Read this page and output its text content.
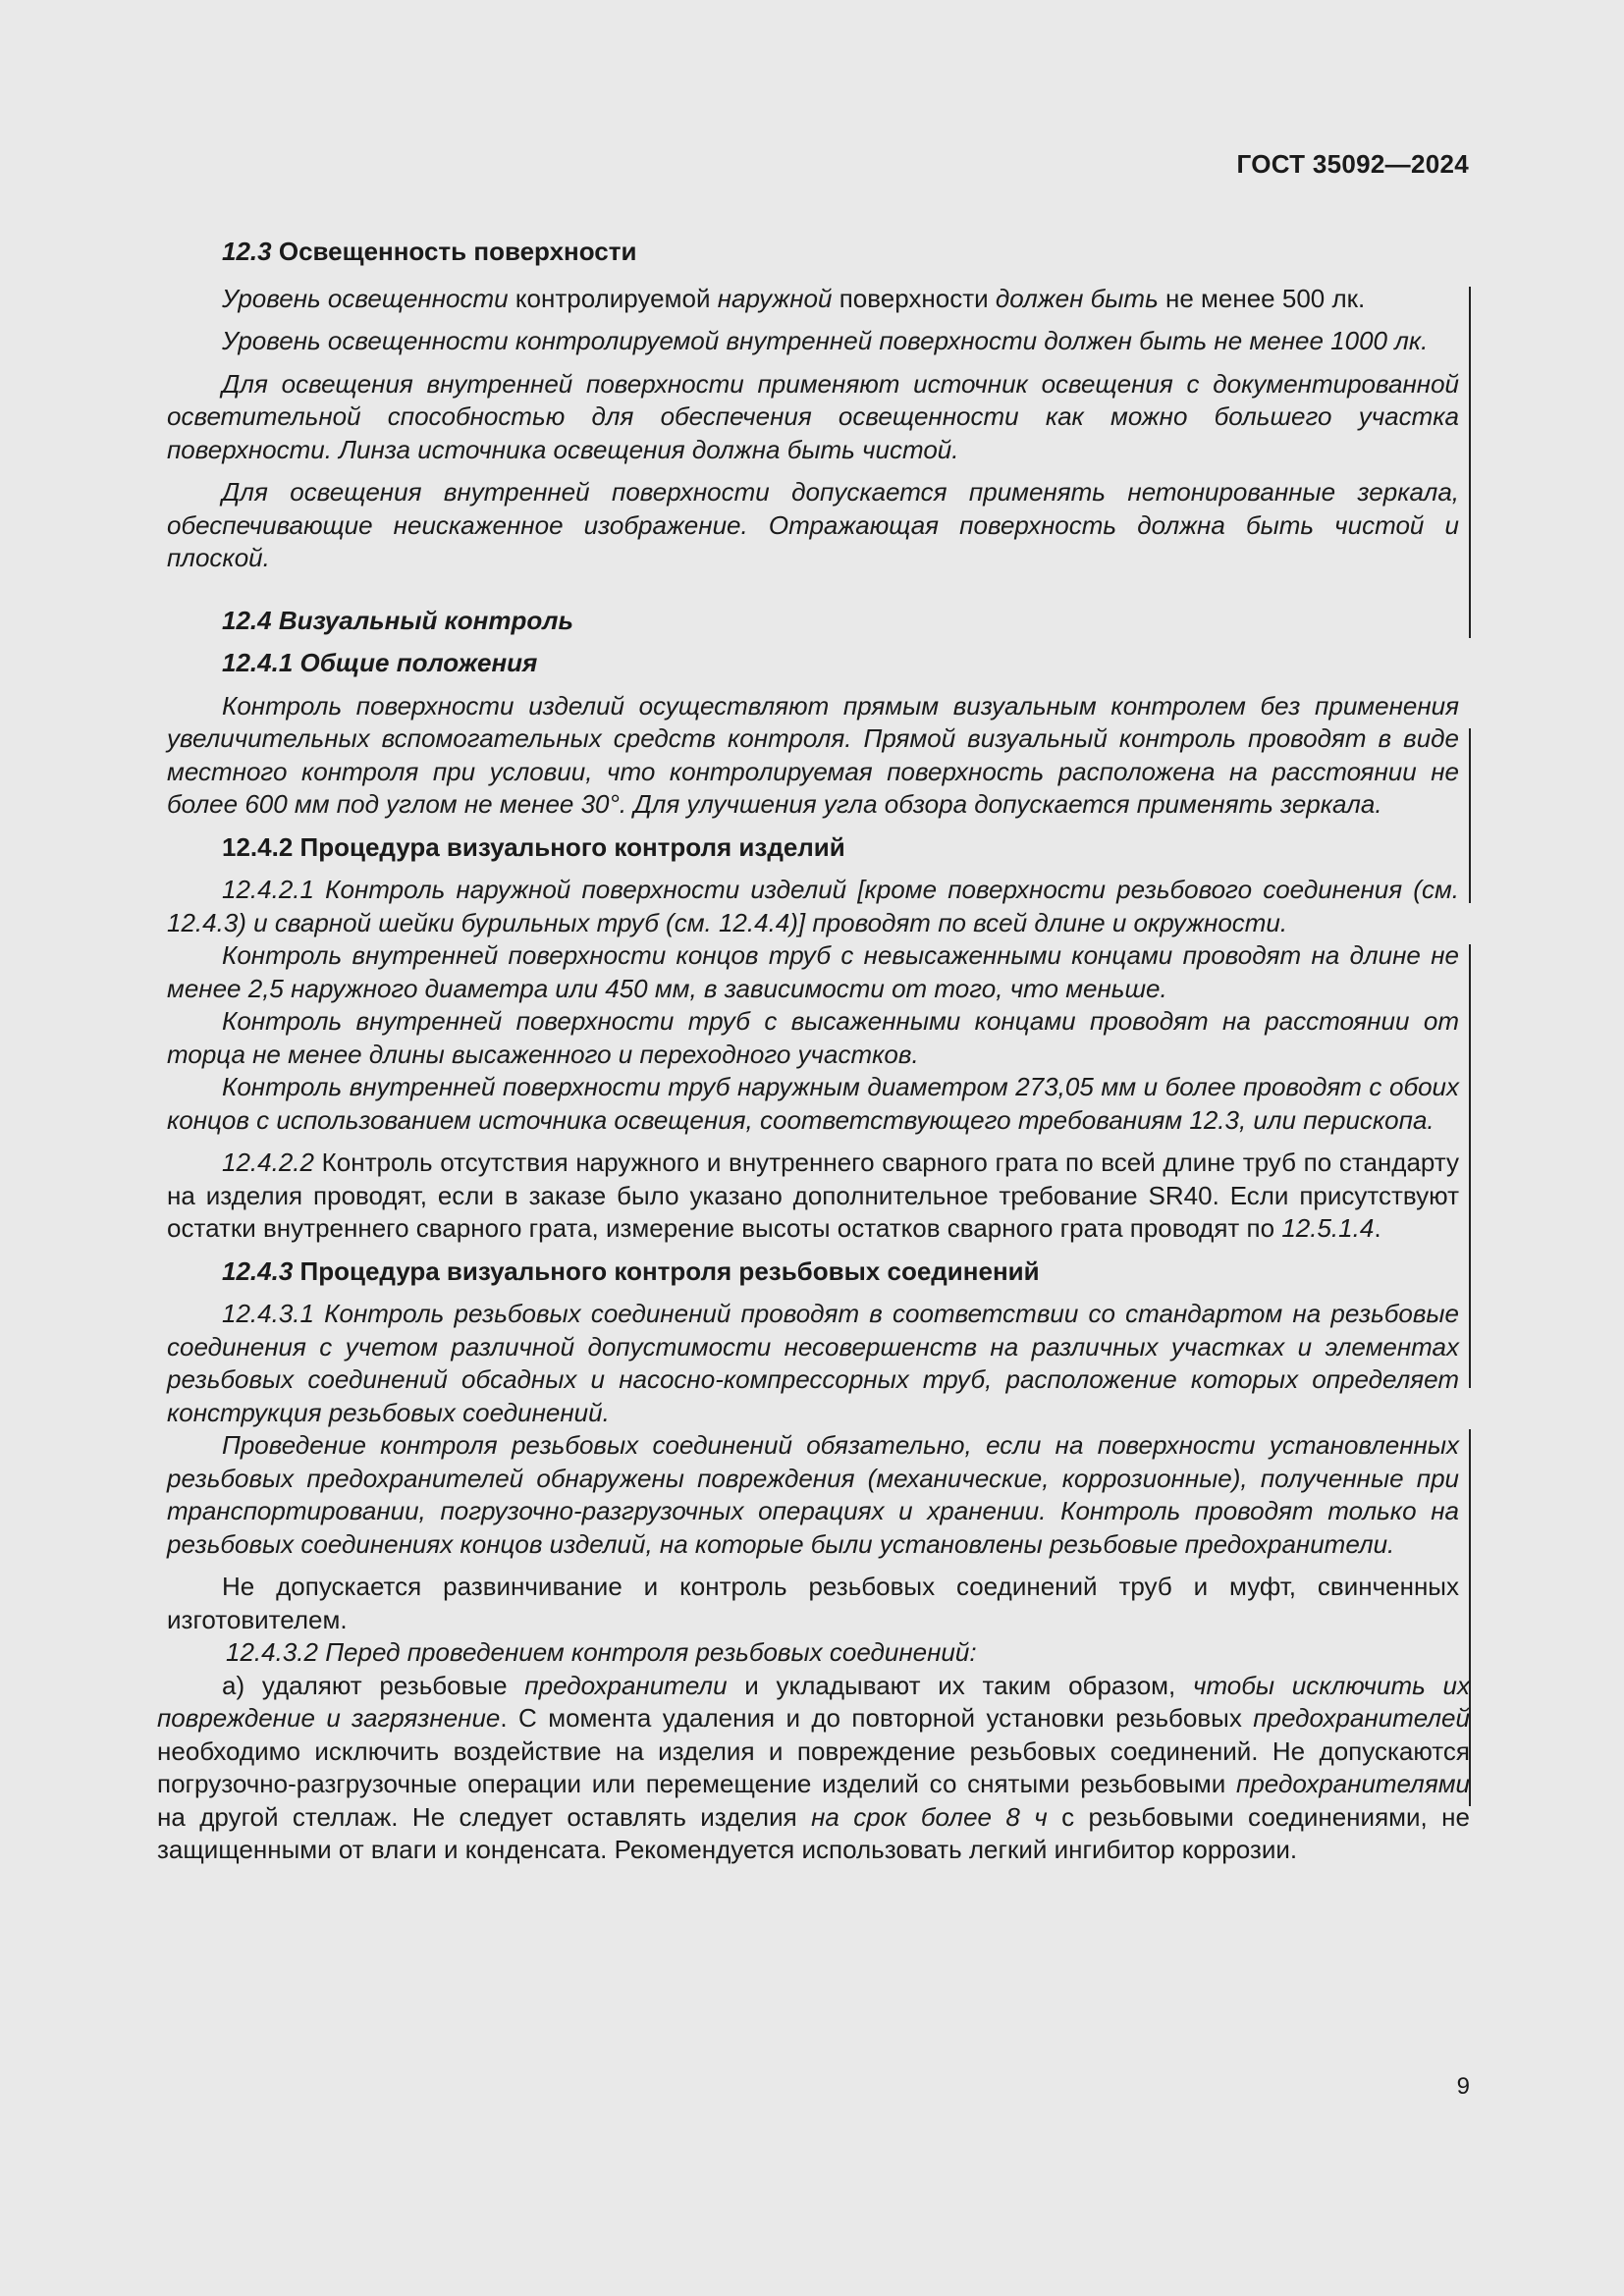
ГОСТ 35092—2024
12.3 Освещенность поверхности

Уровень освещенности контролируемой наружной поверхности должен быть не менее 500 лк.

Уровень освещенности контролируемой внутренней поверхности должен быть не менее 1000 лк.

Для освещения внутренней поверхности применяют источник освещения с документированной осветительной способностью для обеспечения освещенности как можно большего участка поверхности. Линза источника освещения должна быть чистой.

Для освещения внутренней поверхности допускается применять нетонированные зеркала, обеспечивающие неискаженное изображение. Отражающая поверхность должна быть чистой и плоской.

12.4 Визуальный контроль
12.4.1 Общие положения

Контроль поверхности изделий осуществляют прямым визуальным контролем без применения увеличительных вспомогательных средств контроля. Прямой визуальный контроль проводят в виде местного контроля при условии, что контролируемая поверхность расположена на расстоянии не более 600 мм под углом не менее 30°. Для улучшения угла обзора допускается применять зеркала.

12.4.2 Процедура визуального контроля изделий

12.4.2.1 Контроль наружной поверхности изделий [кроме поверхности резьбового соединения (см. 12.4.3) и сварной шейки бурильных труб (см. 12.4.4)] проводят по всей длине и окружности.

Контроль внутренней поверхности концов труб с невысаженными концами проводят на длине не менее 2,5 наружного диаметра или 450 мм, в зависимости от того, что меньше.

Контроль внутренней поверхности труб с высаженными концами проводят на расстоянии от торца не менее длины высаженного и переходного участков.

Контроль внутренней поверхности труб наружным диаметром 273,05 мм и более проводят с обоих концов с использованием источника освещения, соответствующего требованиям 12.3, или перископа.

12.4.2.2 Контроль отсутствия наружного и внутреннего сварного грата по всей длине труб по стандарту на изделия проводят, если в заказе было указано дополнительное требование SR40. Если присутствуют остатки внутреннего сварного грата, измерение высоты остатков сварного грата проводят по 12.5.1.4.

12.4.3 Процедура визуального контроля резьбовых соединений

12.4.3.1 Контроль резьбовых соединений проводят в соответствии со стандартом на резьбовые соединения с учетом различной допустимости несовершенств на различных участках и элементах резьбовых соединений обсадных и насосно-компрессорных труб, расположение которых определяет конструкция резьбовых соединений.

Проведение контроля резьбовых соединений обязательно, если на поверхности установленных резьбовых предохранителей обнаружены повреждения (механические, коррозионные), полученные при транспортировании, погрузочно-разгрузочных операциях и хранении. Контроль проводят только на резьбовых соединениях концов изделий, на которые были установлены резьбовые предохранители.

Не допускается развинчивание и контроль резьбовых соединений труб и муфт, свинченных изготовителем.

12.4.3.2 Перед проведением контроля резьбовых соединений:

а) удаляют резьбовые предохранители и укладывают их таким образом, чтобы исключить их повреждение и загрязнение. С момента удаления и до повторной установки резьбовых предохранителей необходимо исключить воздействие на изделия и повреждение резьбовых соединений. Не допускаются погрузочно-разгрузочные операции или перемещение изделий со снятыми резьбовыми предохранителями на другой стеллаж. Не следует оставлять изделия на срок более 8 ч с резьбовыми соединениями, не защищенными от влаги и конденсата. Рекомендуется использовать легкий ингибитор коррозии.

9
